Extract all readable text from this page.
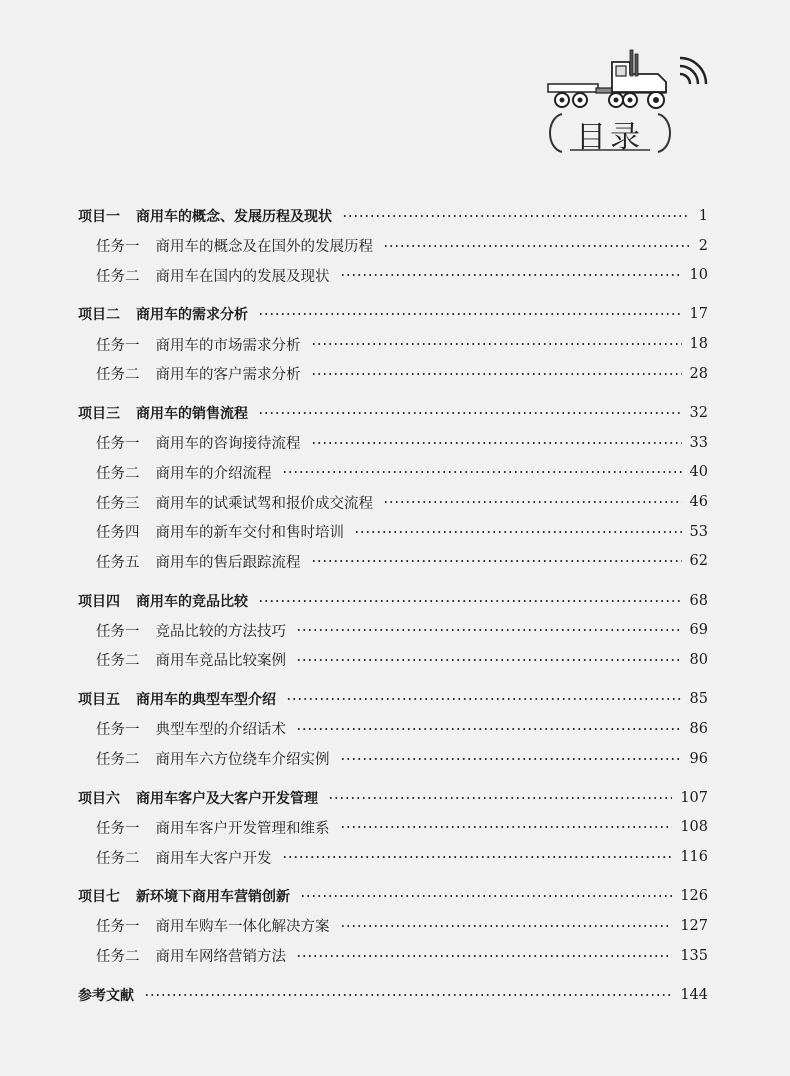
目录
项目一 商用车的概念、发展历程及现状	1
任务一 商用车的概念及在国外的发展历程	2
任务二 商用车在国内的发展及现状	10
项目二 商用车的需求分析	17
任务一 商用车的市场需求分析	18
任务二 商用车的客户需求分析	28
项目三 商用车的销售流程	32
任务一 商用车的咨询接待流程	33
任务二 商用车的介绍流程	40
任务三 商用车的试乘试驾和报价成交流程	46
任务四 商用车的新车交付和售时培训	53
任务五 商用车的售后跟踪流程	62
项目四 商用车的竞品比较	68
任务一 竞品比较的方法技巧	69
任务二 商用车竞品比较案例	80
项目五 商用车的典型车型介绍	85
任务一 典型车型的介绍话术	86
任务二 商用车六方位绕车介绍实例	96
项目六 商用车客户及大客户开发管理	107
任务一 商用车客户开发管理和维系	108
任务二 商用车大客户开发	116
项目七 新环境下商用车营销创新	126
任务一 商用车购车一体化解决方案	127
任务二 商用车网络营销方法	135
参考文献	144
